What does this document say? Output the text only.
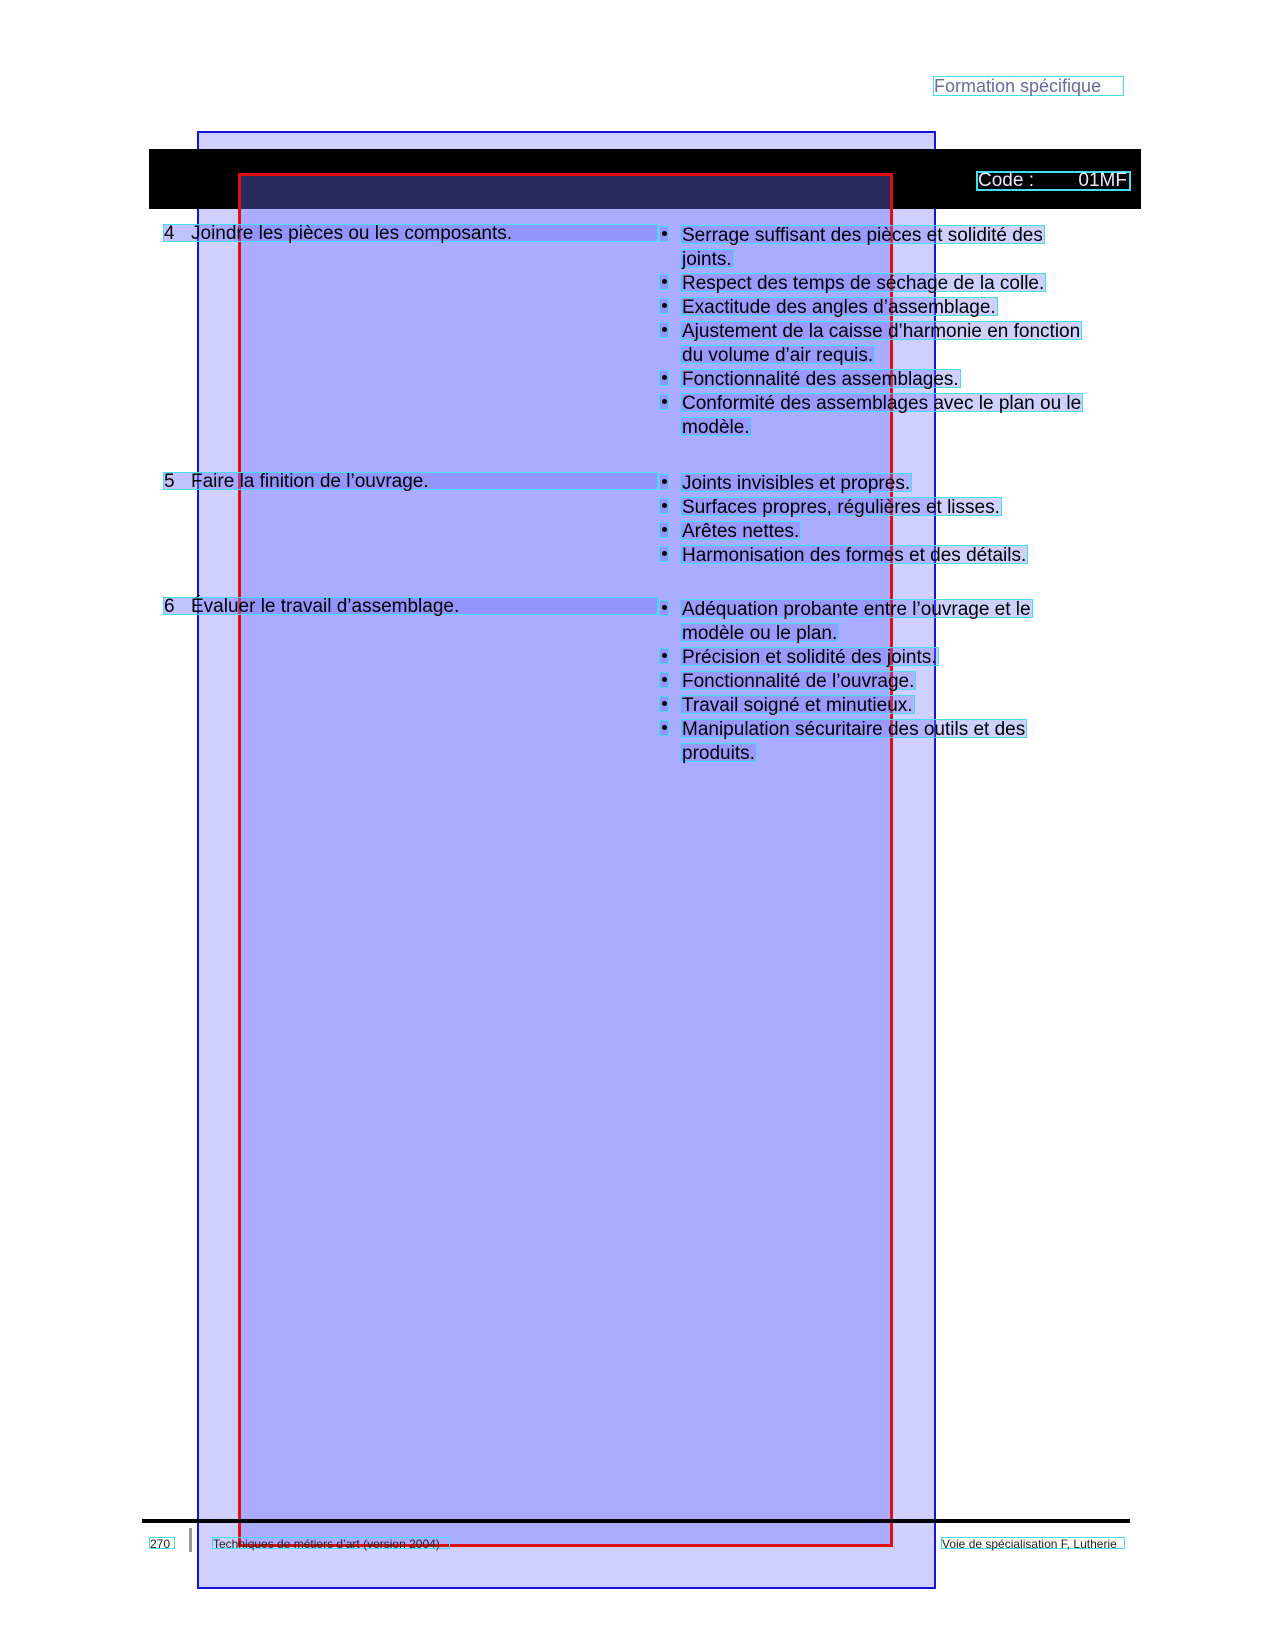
Formation spécifique
Code : 01MF
4 Joindre les pièces ou les composants.	Serrage suffisant des pièces et solidité des
joints.
Respect des temps de séchage de la colle.
Exactitude des angles d’assemblage.
Ajustement de la caisse d’harmonie en fonction
du volume d’air requis.
Fonctionnalité des assemblages.
Conformité des assemblages avec le plan ou le
modèle.
5 Faire la finition de l’ouvrage.	Joints invisibles et propres.
Surfaces propres, régulières et lisses.
Arêtes nettes.
Harmonisation des formes et des détails.
6 Évaluer le travail d’assemblage.	Adéquation probante entre l’ouvrage et le
modèle ou le plan.
Précision et solidité des joints.
Fonctionnalité de l’ouvrage.
Travail soigné et minutieux.
Manipulation sécuritaire des outils et des
produits.
270	Techniques de métiers d’art (version 2004)	Voie de spécialisation F, Lutherie
